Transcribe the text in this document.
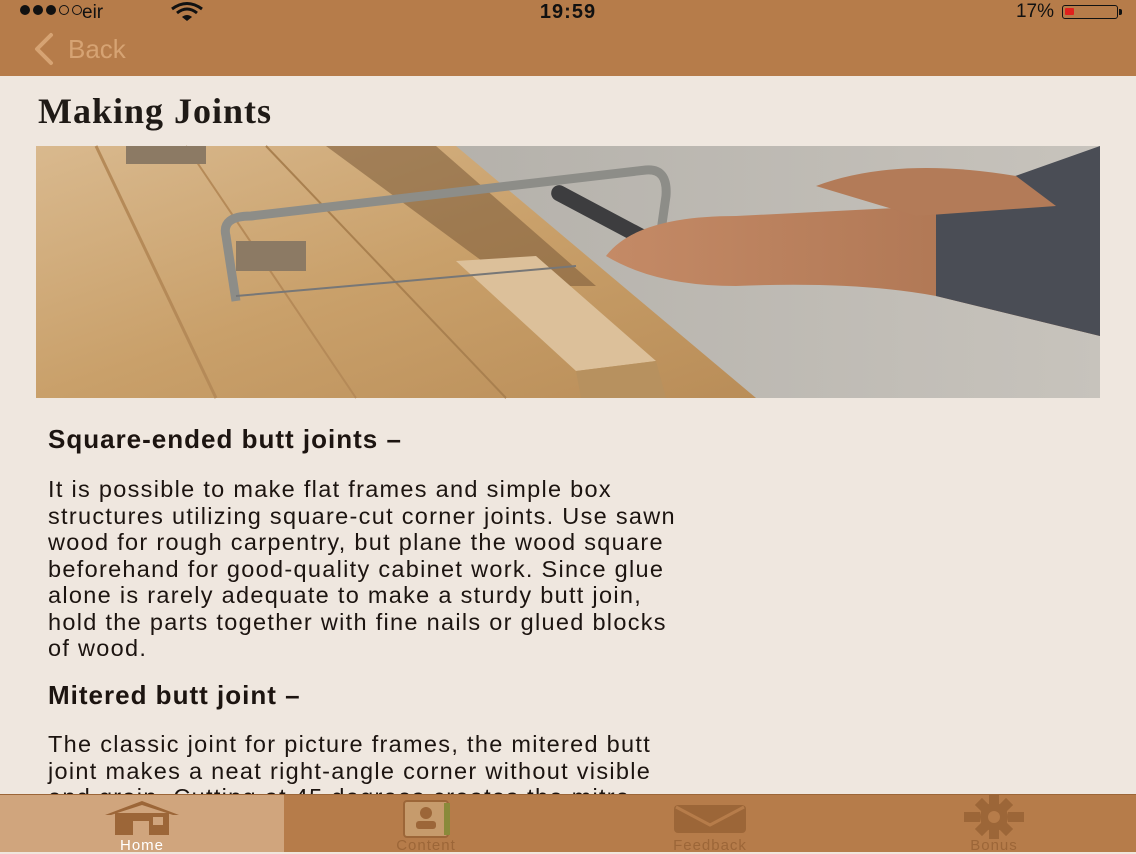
eir	19:59	17%
Back
Making Joints
Square-ended butt joints –
It is possible to make flat frames and simple box
structures utilizing square-cut corner joints. Use sawn
wood for rough carpentry, but plane the wood square
beforehand for good-quality cabinet work. Since glue
alone is rarely adequate to make a sturdy butt join,
hold the parts together with fine nails or glued blocks
of wood.
Mitered butt joint –
The classic joint for picture frames, the mitered butt
joint makes a neat right-angle corner without visible
Home	Content	Feedback	Bonus
